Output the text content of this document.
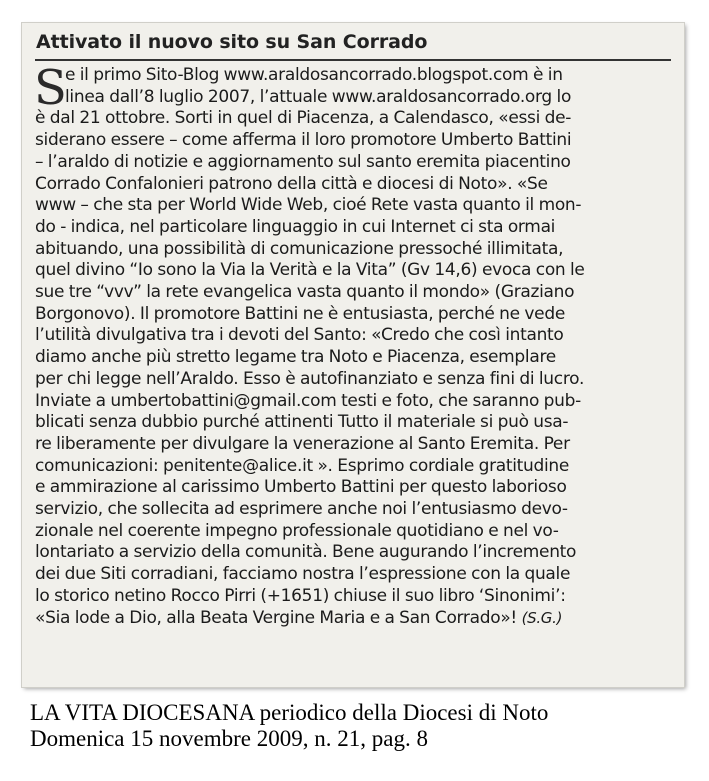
Attivato il nuovo sito su San Corrado
S
e il primo Sito-Blog www.araldosancorrado.blogspot.com è in
linea dall’8 luglio 2007, l’attuale www.araldosancorrado.org lo
è dal 21 ottobre. Sorti in quel di Piacenza, a Calendasco, «essi de-
siderano essere – come afferma il loro promotore Umberto Battini
– l’araldo di notizie e aggiornamento sul santo eremita piacentino
Corrado Confalonieri patrono della città e diocesi di Noto». «Se
www – che sta per World Wide Web, cioé Rete vasta quanto il mon-
do - indica, nel particolare linguaggio in cui Internet ci sta ormai
abituando, una possibilità di comunicazione pressoché illimitata,
quel divino “Io sono la Via la Verità e la Vita” (Gv 14,6) evoca con le
sue tre “vvv” la rete evangelica vasta quanto il mondo» (Graziano
Borgonovo). Il promotore Battini ne è entusiasta, perché ne vede
l’utilità divulgativa tra i devoti del Santo: «Credo che così intanto
diamo anche più stretto legame tra Noto e Piacenza, esemplare
per chi legge nell’Araldo. Esso è autofinanziato e senza fini di lucro.
Inviate a umbertobattini@gmail.com testi e foto, che saranno pub-
blicati senza dubbio purché attinenti Tutto il materiale si può usa-
re liberamente per divulgare la venerazione al Santo Eremita. Per
comunicazioni: penitente@alice.it ». Esprimo cordiale gratitudine
e ammirazione al carissimo Umberto Battini per questo laborioso
servizio, che sollecita ad esprimere anche noi l’entusiasmo devo-
zionale nel coerente impegno professionale quotidiano e nel vo-
lontariato a servizio della comunità. Bene augurando l’incremento
dei due Siti corradiani, facciamo nostra l’espressione con la quale
lo storico netino Rocco Pirri (+1651) chiuse il suo libro ‘Sinonimi’:
«Sia lode a Dio, alla Beata Vergine Maria e a San Corrado»! (S.G.)
LA VITA DIOCESANA periodico della Diocesi di Noto
Domenica 15 novembre 2009, n. 21, pag. 8
